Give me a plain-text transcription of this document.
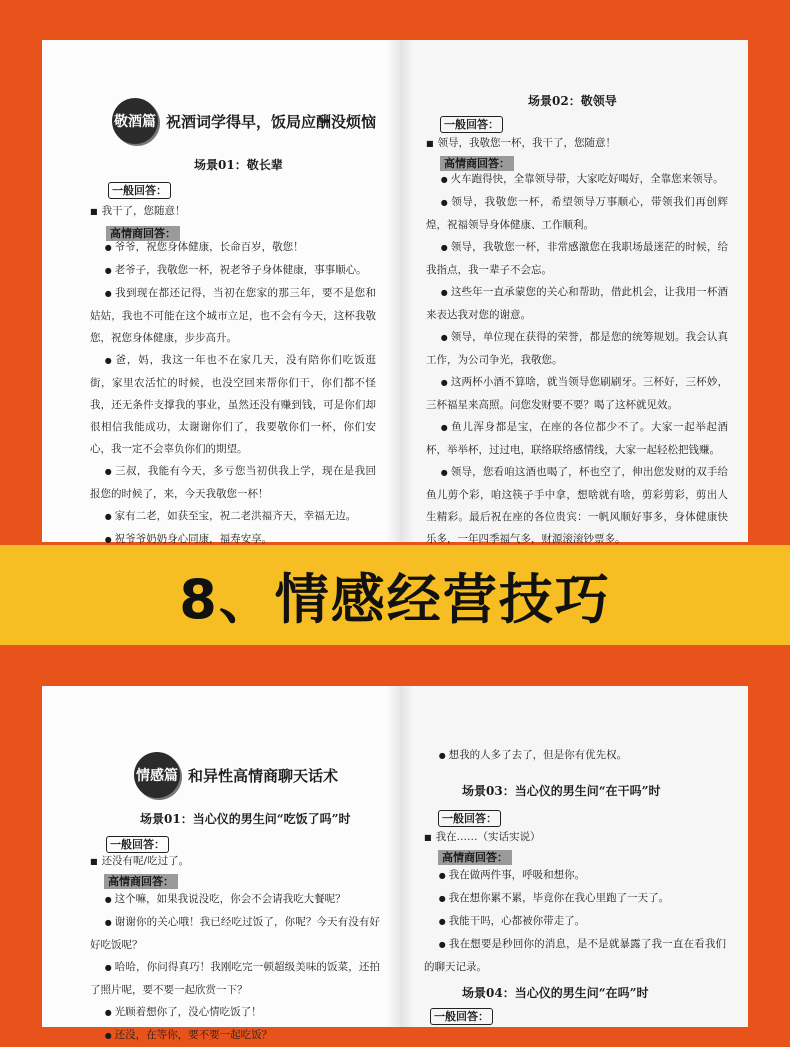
敬酒篇 祝酒词学得早，饭局应酬没烦恼
场景01：敬长辈
一般回答：

■ 我干了，您随意！

高情商回答：

● 爷爷，祝您身体健康，长命百岁，敬您！

● 老爷子，我敬您一杯，祝老爷子身体健康，事事顺心。

● 我到现在都还记得，当初在您家的那三年，要不是您和姑姑，我也不可能在这个城市立足，也不会有今天，这杯我敬您，祝您身体健康，步步高升。

● 爸，妈，我这一年也不在家几天，没有陪你们吃饭逛街，家里农活忙的时候，也没空回来帮你们干，你们都不怪我，还无条件支撑我的事业，虽然还没有赚到钱，可是你们却很相信我能成功，太谢谢你们了，我要敬你们一杯，你们安心，我一定不会辜负你们的期望。

● 三叔，我能有今天，多亏您当初供我上学，现在是我回报您的时候了，来，今天我敬您一杯！

● 家有二老，如获至宝，祝二老洪福齐天，幸福无边。

● 祝爷爷奶奶身心同康，福寿安享。

●

场景02：敬领导
一般回答：

■ 领导，我敬您一杯，我干了，您随意！

高情商回答：

● 火车跑得快，全靠领导带，大家吃好喝好，全靠您来领导。

● 领导，我敬您一杯，希望领导万事顺心，带领我们再创辉煌，祝福领导身体健康、工作顺利。

● 领导，我敬您一杯，非常感激您在我职场最迷茫的时候，给我指点，我一辈子不会忘。

● 这些年一直承蒙您的关心和帮助，借此机会，让我用一杯酒来表达我对您的谢意。

● 领导，单位现在获得的荣誉，都是您的统筹规划。我会认真工作，为公司争光，我敬您。

● 这两杯小酒不算啥，就当领导您刷刷牙。三杯好，三杯妙，三杯福星来高照。问您发财要不要？喝了这杯就见效。

● 鱼儿浑身都是宝，在座的各位都少不了。大家一起举起酒杯，举举杯，过过电，联络联络感情线，大家一起轻松把钱赚。

● 领导，您看咱这酒也喝了，杯也空了，伸出您发财的双手给鱼儿剪个彩，咱这筷子手中拿，想啥就有啥，剪彩剪彩，剪出人生精彩。最后祝在座的各位贵宾：一帆风顺好事多，身体健康快乐多，一年四季福气多，财源滚滚钞票多。

8、情感经营技巧
情感篇 和异性高情商聊天话术
场景01：当心仪的男生问“吃饭了吗”时
一般回答：

■ 还没有呢/吃过了。

高情商回答：

● 这个嘛，如果我说没吃，你会不会请我吃大餐呢？

● 谢谢你的关心哦！我已经吃过饭了，你呢？今天有没有好好吃饭呢？

● 哈哈，你问得真巧！我刚吃完一顿超级美味的饭菜，还拍了照片呢，要不要一起欣赏一下？

● 光顾着想你了，没心情吃饭了！

● 还没，在等你，要不要一起吃饭？

● 想我的人多了去了，但是你有优先权。

场景03：当心仪的男生问“在干吗”时
一般回答：

■ 我在……（实话实说）

高情商回答：

● 我在做两件事，呼吸和想你。

● 我在想你累不累，毕竟你在我心里跑了一天了。

● 我能干吗，心都被你带走了。

● 我在想要是秒回你的消息，是不是就暴露了我一直在看我们的聊天记录。

场景04：当心仪的男生问“在吗”时
一般回答：
